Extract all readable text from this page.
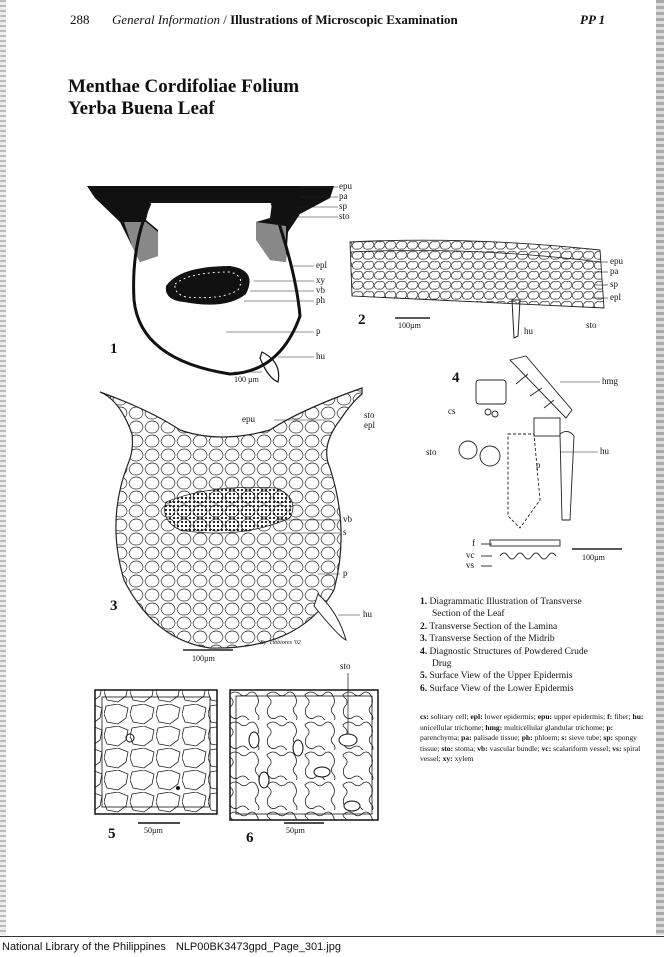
288 General Information / Illustrations of Microscopic Examination	PP 1
Menthae Cordifoliae Folium
Yerba Buena Leaf
epu
pa
sp
sto
epl
xy
vb
ph
p
hu
1
100 µm
epu
pa
sp
epl
hu
sto
2	100µm
epu	sto
epl
vb
s
p
hu
3
100µm
By: cibbiores '02
4	hmg
cs
sto
p
hu
f
vc
vs
100µm
5	50µm	6	50µm
sto

1. Diagrammatic Illustration of Transverse
Section of the Leaf

2. Transverse Section of the Lamina

3. Transverse Section of the Midrib

4. Diagnostic Structures of Powdered Crude
Drug

5. Surface View of the Upper Epidermis

6. Surface View of the Lower Epidermis

cs: solitary cell; epl: lower epidermis; epu: upper epidermis; f: fiber; hu: unicellular trichome; hmg: multicellular glandular trichome; p: parenchyma; pa: palisade tissue; ph: phloem; s: sieve tube; sp: spongy tissue; sto: stoma; vb: vascular bundle; vc: scalariform vessel; vs: spiral vessel; xy: xylem
National Library of the Philippines NLP00BK3473gpd_Page_301.jpg
